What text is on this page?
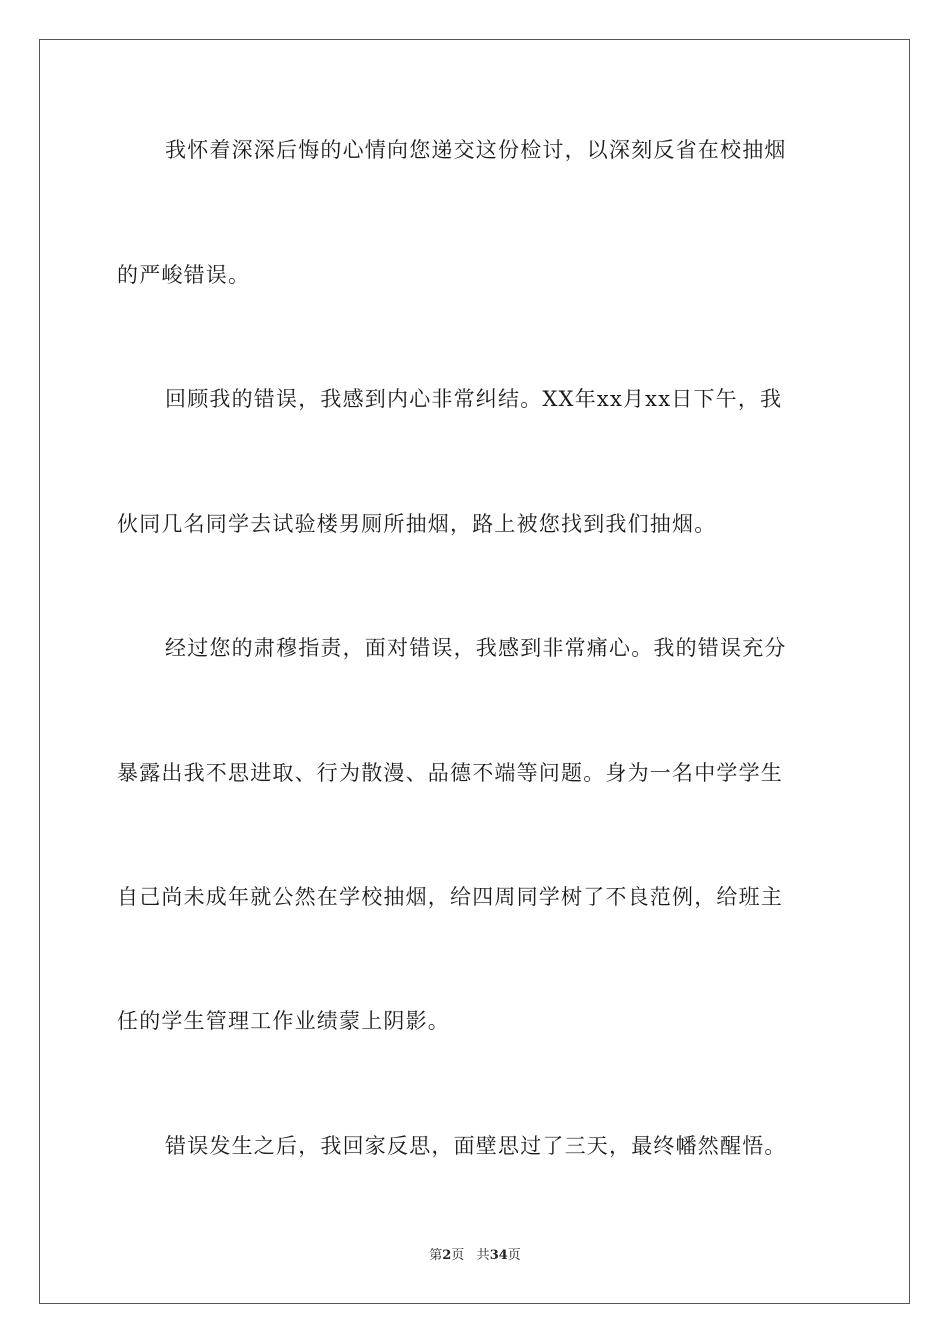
我怀着深深后悔的心情向您递交这份检讨，以深刻反省在校抽烟
的严峻错误。
回顾我的错误，我感到内心非常纠结。XX年xx月xx日下午，我
伙同几名同学去试验楼男厕所抽烟，路上被您找到我们抽烟。
经过您的肃穆指责，面对错误，我感到非常痛心。我的错误充分
暴露出我不思进取、行为散漫、品德不端等问题。身为一名中学学生
自己尚未成年就公然在学校抽烟，给四周同学树了不良范例，给班主
任的学生管理工作业绩蒙上阴影。
错误发生之后，我回家反思，面壁思过了三天，最终幡然醒悟。
第2页 共34页
